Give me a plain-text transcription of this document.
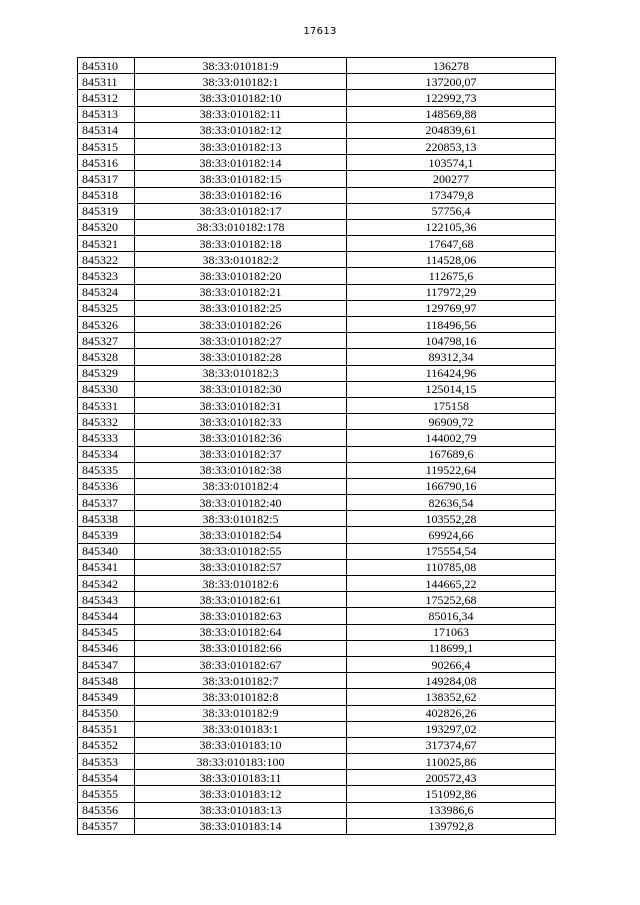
17613
845310	38:33:010181:9	136278
845311	38:33:010182:1	137200,07
845312	38:33:010182:10	122992,73
845313	38:33:010182:11	148569,88
845314	38:33:010182:12	204839,61
845315	38:33:010182:13	220853,13
845316	38:33:010182:14	103574,1
845317	38:33:010182:15	200277
845318	38:33:010182:16	173479,8
845319	38:33:010182:17	57756,4
845320	38:33:010182:178	122105,36
845321	38:33:010182:18	17647,68
845322	38:33:010182:2	114528,06
845323	38:33:010182:20	112675,6
845324	38:33:010182:21	117972,29
845325	38:33:010182:25	129769,97
845326	38:33:010182:26	118496,56
845327	38:33:010182:27	104798,16
845328	38:33:010182:28	89312,34
845329	38:33:010182:3	116424,96
845330	38:33:010182:30	125014,15
845331	38:33:010182:31	175158
845332	38:33:010182:33	96909,72
845333	38:33:010182:36	144002,79
845334	38:33:010182:37	167689,6
845335	38:33:010182:38	119522,64
845336	38:33:010182:4	166790,16
845337	38:33:010182:40	82636,54
845338	38:33:010182:5	103552,28
845339	38:33:010182:54	69924,66
845340	38:33:010182:55	175554,54
845341	38:33:010182:57	110785,08
845342	38:33:010182:6	144665,22
845343	38:33:010182:61	175252,68
845344	38:33:010182:63	85016,34
845345	38:33:010182:64	171063
845346	38:33:010182:66	118699,1
845347	38:33:010182:67	90266,4
845348	38:33:010182:7	149284,08
845349	38:33:010182:8	138352,62
845350	38:33:010182:9	402826,26
845351	38:33:010183:1	193297,02
845352	38:33:010183:10	317374,67
845353	38:33:010183:100	110025,86
845354	38:33:010183:11	200572,43
845355	38:33:010183:12	151092,86
845356	38:33:010183:13	133986,6
845357	38:33:010183:14	139792,8
